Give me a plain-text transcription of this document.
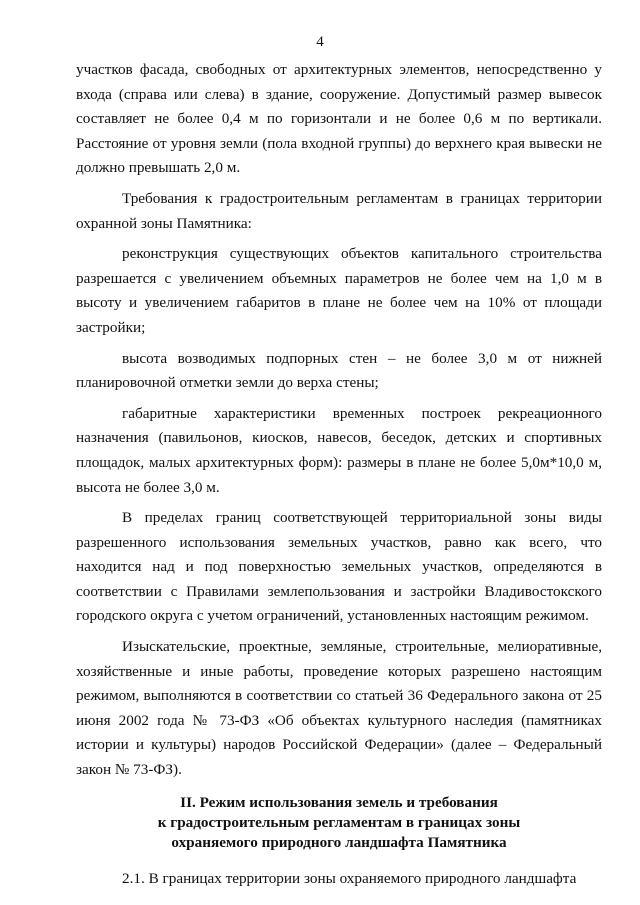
4

участков фасада, свободных от архитектурных элементов, непосредственно у входа (справа или слева) в здание, сооружение. Допустимый размер вывесок составляет не более 0,4 м по горизонтали и не более 0,6 м по вертикали. Расстояние от уровня земли (пола входной группы) до верхнего края вывески не должно превышать 2,0 м.

Требования к градостроительным регламентам в границах территории охранной зоны Памятника:

реконструкция существующих объектов капитального строительства разрешается с увеличением объемных параметров не более чем на 1,0 м в высоту и увеличением габаритов в плане не более чем на 10% от площади застройки;

высота возводимых подпорных стен – не более 3,0 м от нижней планировочной отметки земли до верха стены;

габаритные характеристики временных построек рекреационного назначения (павильонов, киосков, навесов, беседок, детских и спортивных площадок, малых архитектурных форм): размеры в плане не более 5,0м*10,0 м, высота не более 3,0 м.

В пределах границ соответствующей территориальной зоны виды разрешенного использования земельных участков, равно как всего, что находится над и под поверхностью земельных участков, определяются в соответствии с Правилами землепользования и застройки Владивостокского городского округа с учетом ограничений, установленных настоящим режимом.

Изыскательские, проектные, земляные, строительные, мелиоративные, хозяйственные и иные работы, проведение которых разрешено настоящим режимом, выполняются в соответствии со статьей 36 Федерального закона от 25 июня 2002 года № 73-ФЗ «Об объектах культурного наследия (памятниках истории и культуры) народов Российской Федерации» (далее – Федеральный закон № 73-ФЗ).

II. Режим использования земель и требования
к градостроительным регламентам в границах зоны
охраняемого природного ландшафта Памятника

2.1. В границах территории зоны охраняемого природного ландшафта
